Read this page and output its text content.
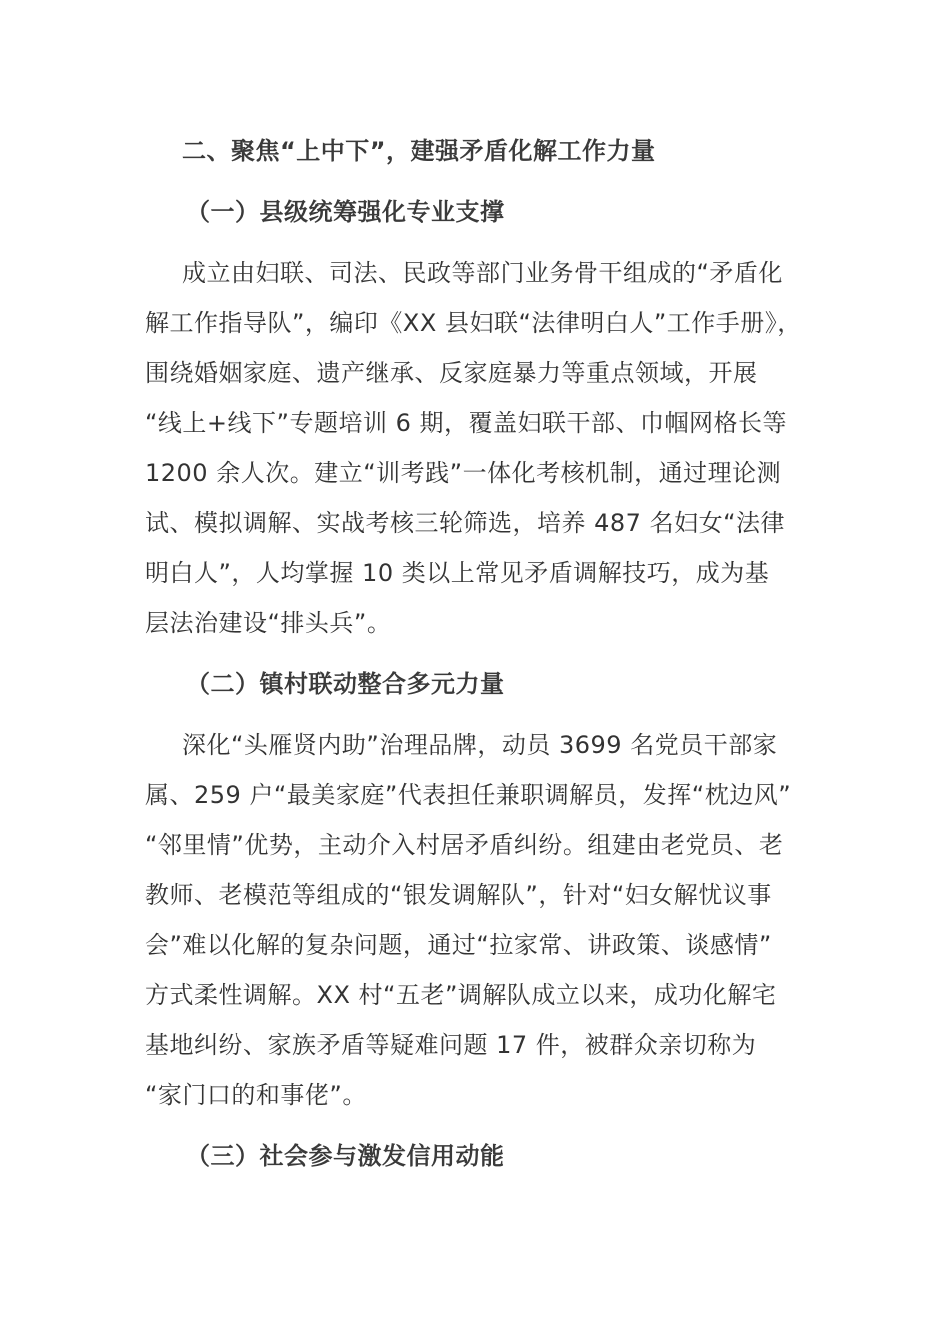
二、聚焦“上中下”，建强矛盾化解工作力量
（一）县级统筹强化专业支撑
成立由妇联、司法、民政等部门业务骨干组成的“矛盾化
解工作指导队”，编印《XX 县妇联“法律明白人”工作手册》，
围绕婚姻家庭、遗产继承、反家庭暴力等重点领域，开展
“线上+线下”专题培训 6 期，覆盖妇联干部、巾帼网格长等
1200 余人次。建立“训考践”一体化考核机制，通过理论测
试、模拟调解、实战考核三轮筛选，培养 487 名妇女“法律
明白人”，人均掌握 10 类以上常见矛盾调解技巧，成为基
层法治建设“排头兵”。
（二）镇村联动整合多元力量
深化“头雁贤内助”治理品牌，动员 3699 名党员干部家
属、259 户“最美家庭”代表担任兼职调解员，发挥“枕边风”
“邻里情”优势，主动介入村居矛盾纠纷。组建由老党员、老
教师、老模范等组成的“银发调解队”，针对“妇女解忧议事
会”难以化解的复杂问题，通过“拉家常、讲政策、谈感情”
方式柔性调解。XX 村“五老”调解队成立以来，成功化解宅
基地纠纷、家族矛盾等疑难问题 17 件，被群众亲切称为
“家门口的和事佬”。
（三）社会参与激发信用动能
